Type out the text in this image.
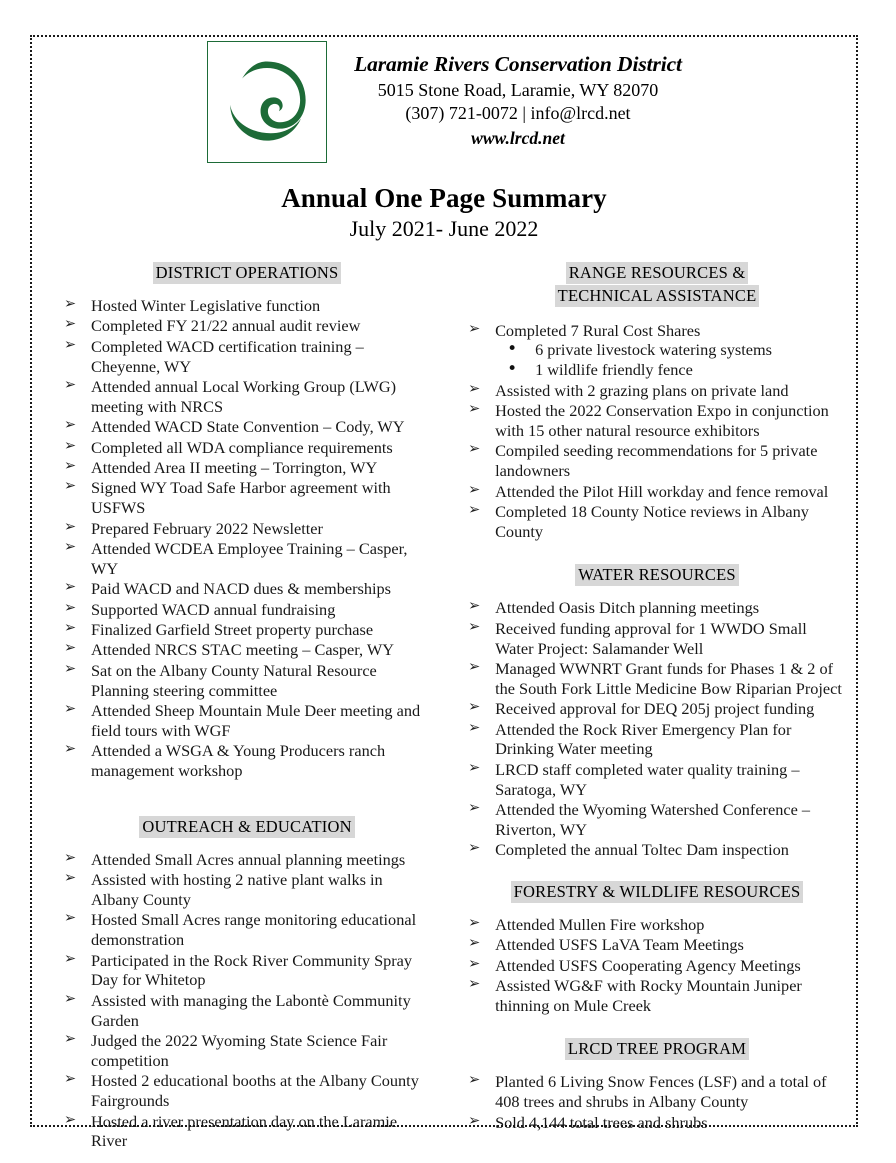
Laramie Rivers Conservation District
5015 Stone Road, Laramie, WY 82070
(307) 721-0072 | info@lrcd.net
www.lrcd.net
Annual One Page Summary
July 2021- June 2022
DISTRICT OPERATIONS
➢ Hosted Winter Legislative function
➢ Completed FY 21/22 annual audit review
➢ Completed WACD certification training – Cheyenne, WY
➢ Attended annual Local Working Group (LWG) meeting with NRCS
➢ Attended WACD State Convention – Cody, WY
➢ Completed all WDA compliance requirements
➢ Attended Area II meeting – Torrington, WY
➢ Signed WY Toad Safe Harbor agreement with USFWS
➢ Prepared February 2022 Newsletter
➢ Attended WCDEA Employee Training – Casper, WY
➢ Paid WACD and NACD dues & memberships
➢ Supported WACD annual fundraising
➢ Finalized Garfield Street property purchase
➢ Attended NRCS STAC meeting – Casper, WY
➢ Sat on the Albany County Natural Resource Planning steering committee
➢ Attended Sheep Mountain Mule Deer meeting and field tours with WGF
➢ Attended a WSGA & Young Producers ranch management workshop
OUTREACH & EDUCATION
➢ Attended Small Acres annual planning meetings
➢ Assisted with hosting 2 native plant walks in Albany County
➢ Hosted Small Acres range monitoring educational demonstration
➢ Participated in the Rock River Community Spray Day for Whitetop
➢ Assisted with managing the Labontè Community Garden
➢ Judged the 2022 Wyoming State Science Fair competition
➢ Hosted 2 educational booths at the Albany County Fairgrounds
➢ Hosted a river presentation day on the Laramie River
RANGE RESOURCES &
TECHNICAL ASSISTANCE
➢ Completed 7 Rural Cost Shares
• 6 private livestock watering systems
• 1 wildlife friendly fence
➢ Assisted with 2 grazing plans on private land
➢ Hosted the 2022 Conservation Expo in conjunction with 15 other natural resource exhibitors
➢ Compiled seeding recommendations for 5 private landowners
➢ Attended the Pilot Hill workday and fence removal
➢ Completed 18 County Notice reviews in Albany County
WATER RESOURCES
➢ Attended Oasis Ditch planning meetings
➢ Received funding approval for 1 WWDO Small Water Project: Salamander Well
➢ Managed WWNRT Grant funds for Phases 1 & 2 of the South Fork Little Medicine Bow Riparian Project
➢ Received approval for DEQ 205j project funding
➢ Attended the Rock River Emergency Plan for Drinking Water meeting
➢ LRCD staff completed water quality training – Saratoga, WY
➢ Attended the Wyoming Watershed Conference – Riverton, WY
➢ Completed the annual Toltec Dam inspection
FORESTRY & WILDLIFE RESOURCES
➢ Attended Mullen Fire workshop
➢ Attended USFS LaVA Team Meetings
➢ Attended USFS Cooperating Agency Meetings
➢ Assisted WG&F with Rocky Mountain Juniper thinning on Mule Creek
LRCD TREE PROGRAM
➢ Planted 6 Living Snow Fences (LSF) and a total of 408 trees and shrubs in Albany County
➢ Sold 4,144 total trees and shrubs
